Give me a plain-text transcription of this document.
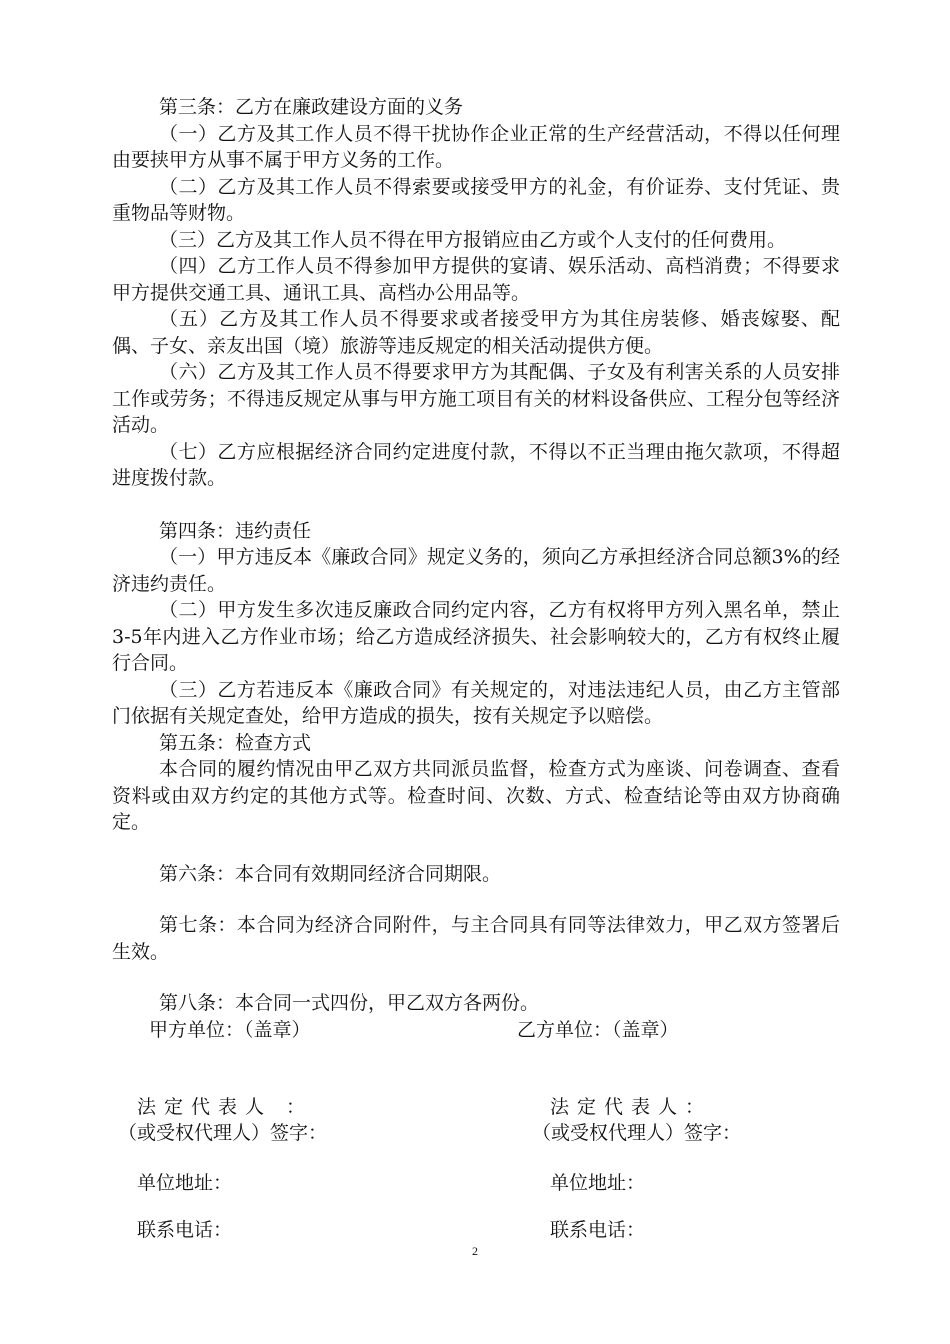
第三条：乙方在廉政建设方面的义务

（一）乙方及其工作人员不得干扰协作企业正常的生产经营活动，不得以任何理由要挟甲方从事不属于甲方义务的工作。

（二）乙方及其工作人员不得索要或接受甲方的礼金，有价证券、支付凭证、贵重物品等财物。

（三）乙方及其工作人员不得在甲方报销应由乙方或个人支付的任何费用。

（四）乙方工作人员不得参加甲方提供的宴请、娱乐活动、高档消费；不得要求甲方提供交通工具、通讯工具、高档办公用品等。

（五）乙方及其工作人员不得要求或者接受甲方为其住房装修、婚丧嫁娶、配偶、子女、亲友出国（境）旅游等违反规定的相关活动提供方便。

（六）乙方及其工作人员不得要求甲方为其配偶、子女及有利害关系的人员安排工作或劳务；不得违反规定从事与甲方施工项目有关的材料设备供应、工程分包等经济活动。

（七）乙方应根据经济合同约定进度付款，不得以不正当理由拖欠款项，不得超进度拨付款。

第四条：违约责任

（一）甲方违反本《廉政合同》规定义务的，须向乙方承担经济合同总额3%的经济违约责任。

（二）甲方发生多次违反廉政合同约定内容，乙方有权将甲方列入黑名单，禁止3-5年内进入乙方作业市场；给乙方造成经济损失、社会影响较大的，乙方有权终止履行合同。

（三）乙方若违反本《廉政合同》有关规定的，对违法违纪人员，由乙方主管部门依据有关规定查处，给甲方造成的损失，按有关规定予以赔偿。

第五条：检查方式

本合同的履约情况由甲乙双方共同派员监督，检查方式为座谈、问卷调查、查看资料或由双方约定的其他方式等。检查时间、次数、方式、检查结论等由双方协商确定。

第六条：本合同有效期同经济合同期限。

第七条：本合同为经济合同附件，与主合同具有同等法律效力，甲乙双方签署后生效。

第八条：本合同一式四份，甲乙双方各两份。

甲方单位：（盖章）	乙方单位：（盖章）
法定代表人 ：	法定代表人：
（或受权代理人）签字：	（或受权代理人）签字：
单位地址：	单位地址：
联系电话：	联系电话：
2
